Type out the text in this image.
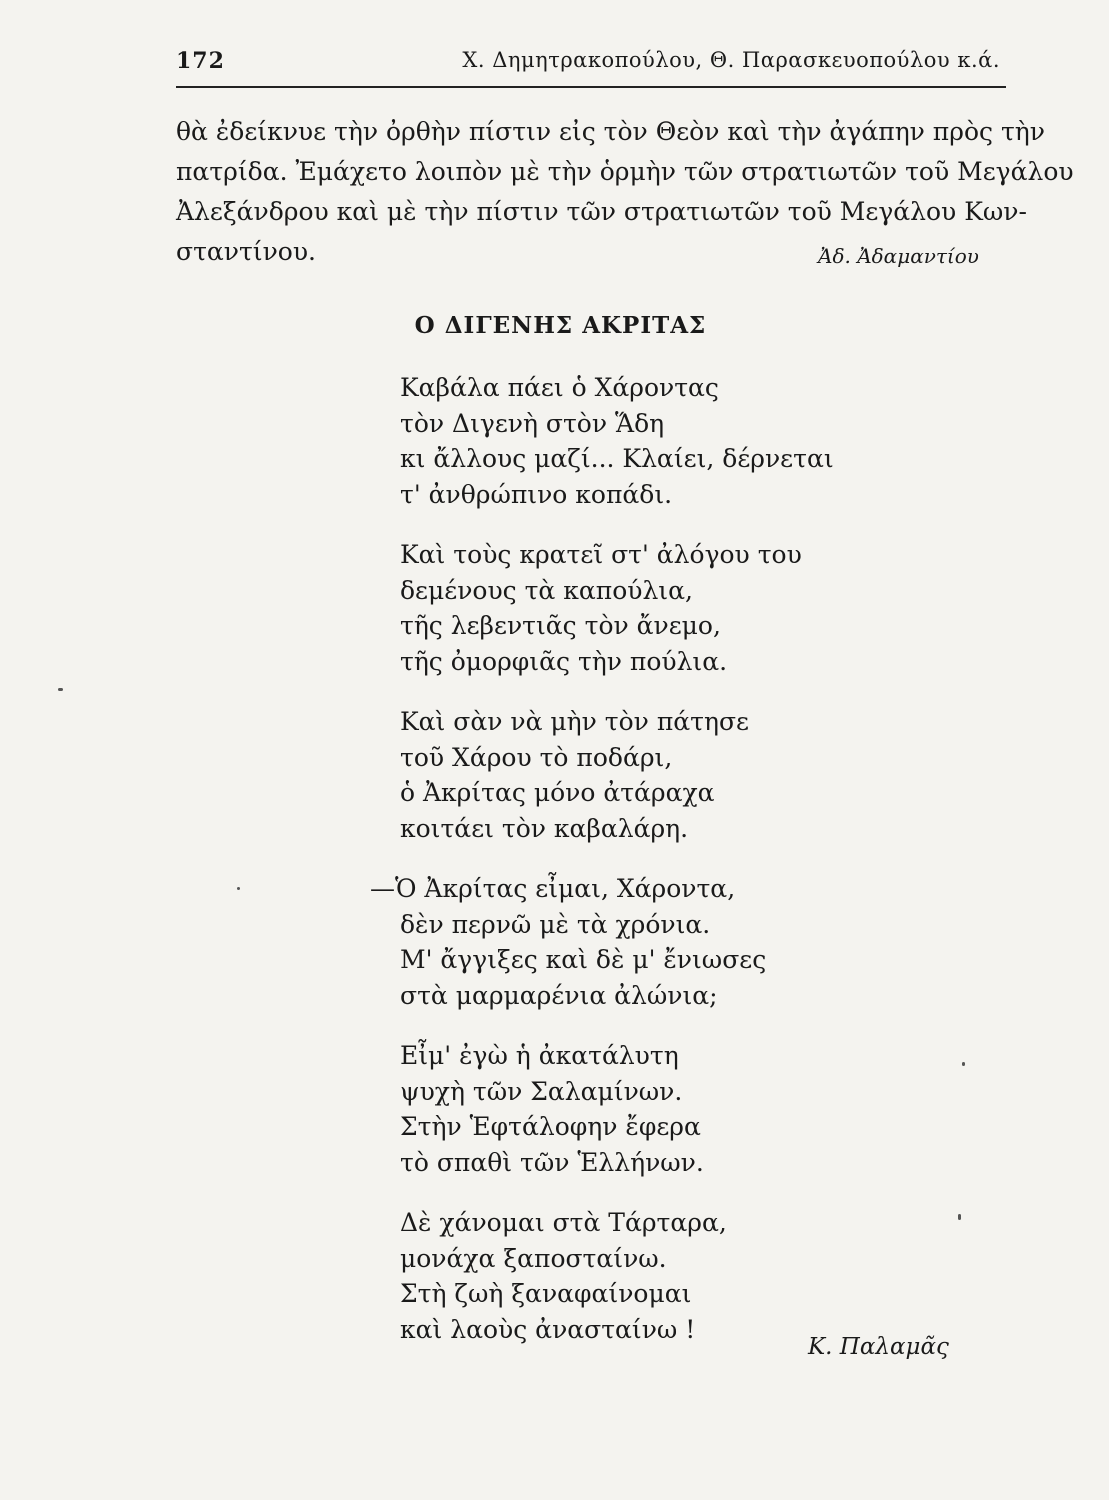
172	Χ. Δημητρακοπούλου, Θ. Παρασκευοπούλου κ.ά.
θὰ ἐδείκνυε τὴν ὀρθὴν πίστιν εἰς τὸν Θεὸν καὶ τὴν ἀγάπην πρὸς τὴν
πατρίδα. Ἐμάχετο λοιπὸν μὲ τὴν ὁρμὴν τῶν στρατιωτῶν τοῦ Μεγάλου
Ἀλεξάνδρου καὶ μὲ τὴν πίστιν τῶν στρατιωτῶν τοῦ Μεγάλου Κων-
σταντίνου.	Ἀδ. Ἀδαμαντίου
Ο ΔΙΓΕΝΗΣ ΑΚΡΙΤΑΣ
Καβάλα πάει ὁ Χάροντας
τὸν Διγενὴ στὸν Ἅδη
κι ἄλλους μαζί... Κλαίει, δέρνεται
τ' ἀνθρώπινο κοπάδι.
Καὶ τοὺς κρατεῖ στ' ἀλόγου του
δεμένους τὰ καπούλια,
τῆς λεβεντιᾶς τὸν ἄνεμο,
τῆς ὀμορφιᾶς τὴν πούλια.
Καὶ σὰν νὰ μὴν τὸν πάτησε
τοῦ Χάρου τὸ ποδάρι,
ὁ Ἀκρίτας μόνο ἀτάραχα
κοιτάει τὸν καβαλάρη.
—Ὁ Ἀκρίτας εἶμαι, Χάροντα,
δὲν περνῶ μὲ τὰ χρόνια.
Μ' ἄγγιξες καὶ δὲ μ' ἔνιωσες
στὰ μαρμαρένια ἀλώνια;
Εἶμ' ἐγὼ ἡ ἀκατάλυτη
ψυχὴ τῶν Σαλαμίνων.
Στὴν Ἑφτάλοφην ἔφερα
τὸ σπαθὶ τῶν Ἑλλήνων.
Δὲ χάνομαι στὰ Τάρταρα,
μονάχα ξαποσταίνω.
Στὴ ζωὴ ξαναφαίνομαι
καὶ λαοὺς ἀνασταίνω !
Κ. Παλαμᾶς
